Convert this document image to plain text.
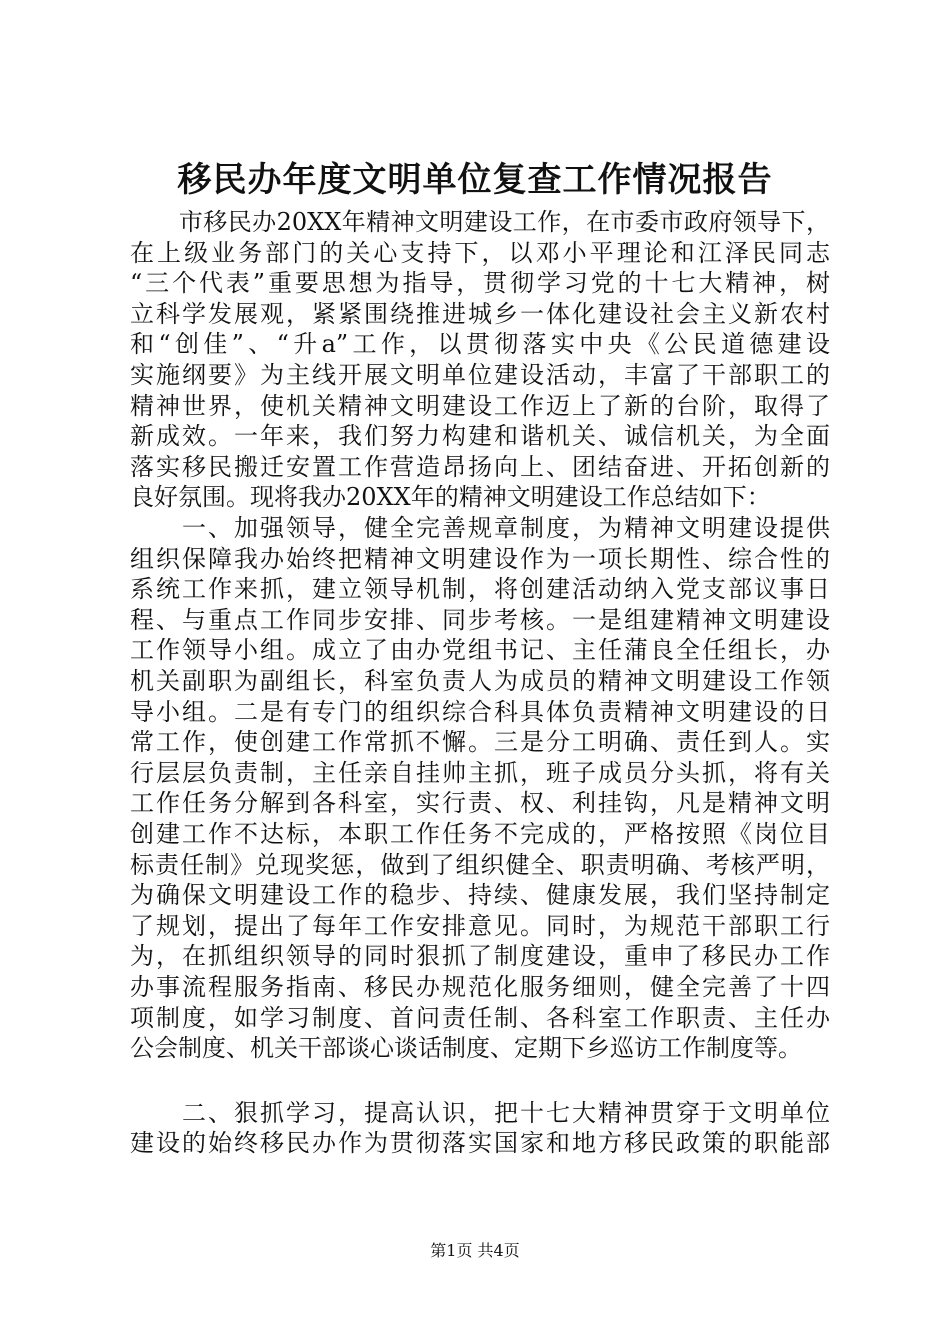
移民办年度文明单位复查工作情况报告
　　市移民办20XX年精神文明建设工作，在市委市政府领导下，
在上级业务部门的关心支持下，以邓小平理论和江泽民同志
“三个代表”重要思想为指导，贯彻学习党的十七大精神，树
立科学发展观，紧紧围绕推进城乡一体化建设社会主义新农村
和“创佳”、“升a”工作，以贯彻落实中央《公民道德建设
实施纲要》为主线开展文明单位建设活动，丰富了干部职工的
精神世界，使机关精神文明建设工作迈上了新的台阶，取得了
新成效。一年来，我们努力构建和谐机关、诚信机关，为全面
落实移民搬迁安置工作营造昂扬向上、团结奋进、开拓创新的
良好氛围。现将我办20XX年的精神文明建设工作总结如下：
　　一、加强领导，健全完善规章制度，为精神文明建设提供
组织保障我办始终把精神文明建设作为一项长期性、综合性的
系统工作来抓，建立领导机制，将创建活动纳入党支部议事日
程、与重点工作同步安排、同步考核。一是组建精神文明建设
工作领导小组。成立了由办党组书记、主任蒲良全任组长，办
机关副职为副组长，科室负责人为成员的精神文明建设工作领
导小组。二是有专门的组织综合科具体负责精神文明建设的日
常工作，使创建工作常抓不懈。三是分工明确、责任到人。实
行层层负责制，主任亲自挂帅主抓，班子成员分头抓，将有关
工作任务分解到各科室，实行责、权、利挂钩，凡是精神文明
创建工作不达标，本职工作任务不完成的，严格按照《岗位目
标责任制》兑现奖惩，做到了组织健全、职责明确、考核严明，
为确保文明建设工作的稳步、持续、健康发展，我们坚持制定
了规划，提出了每年工作安排意见。同时，为规范干部职工行
为，在抓组织领导的同时狠抓了制度建设，重申了移民办工作
办事流程服务指南、移民办规范化服务细则，健全完善了十四
项制度，如学习制度、首问责任制、各科室工作职责、主任办
公会制度、机关干部谈心谈话制度、定期下乡巡访工作制度等。
　　二、狠抓学习，提高认识，把十七大精神贯穿于文明单位
建设的始终移民办作为贯彻落实国家和地方移民政策的职能部
第1页 共4页
